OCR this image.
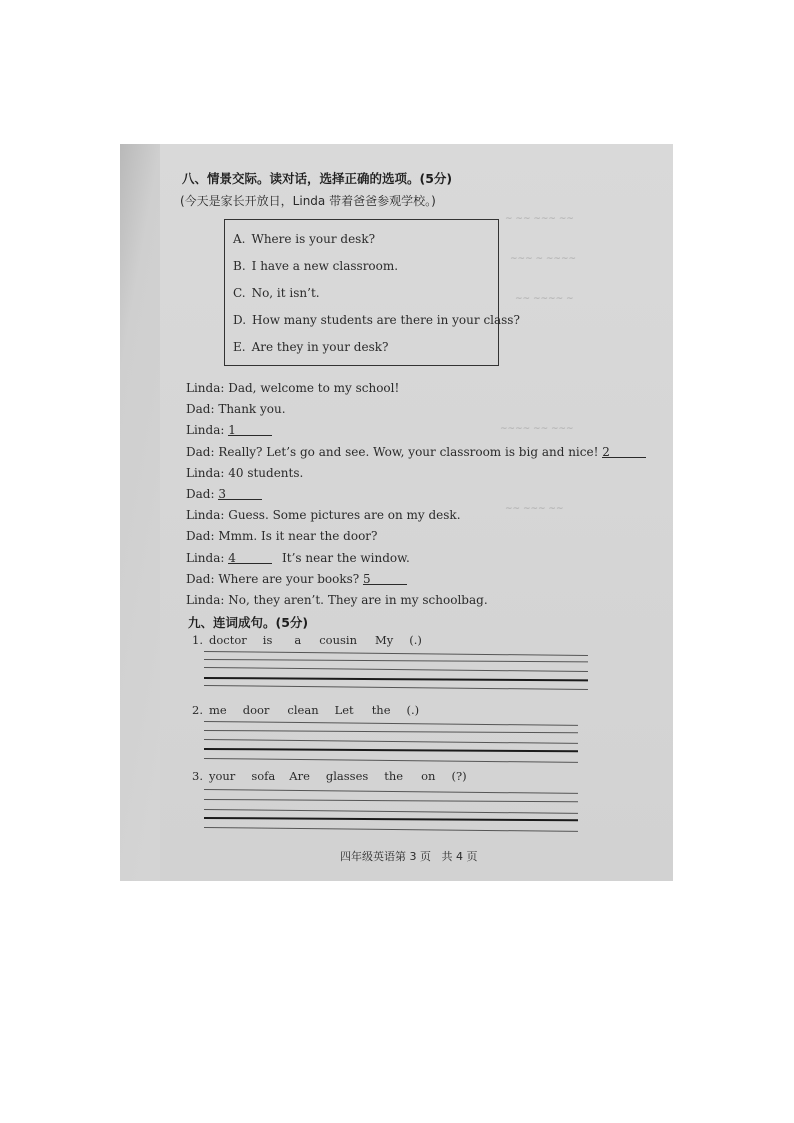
~ ~~ ~~~ ~~
~~~ ~ ~~~~
~~ ~~~~ ~
~~~~ ~~ ~~~
~~ ~~~ ~~
八、情景交际。读对话，选择正确的选项。(5分)
(今天是家长开放日，Linda 带着爸爸参观学校。)
A. Where is your desk?
B. I have a new classroom.
C. No, it isn’t.
D. How many students are there in your class?
E. Are they in your desk?
Linda: Dad, welcome to my school!
Dad: Thank you.
Linda: 1
Dad: Really? Let’s go and see. Wow, your classroom is big and nice! 2
Linda: 40 students.
Dad: 3
Linda: Guess. Some pictures are on my desk.
Dad: Mmm. Is it near the door?
Linda: 4	It’s near the window.
Dad: Where are your books? 5
Linda: No, they aren’t. They are in my schoolbag.
九、连词成句。(5分)
1. doctor is a cousin My (.)
2. me door clean Let the (.)
3. your sofa Are glasses the on (?)
四年级英语第 3 页 共 4 页
